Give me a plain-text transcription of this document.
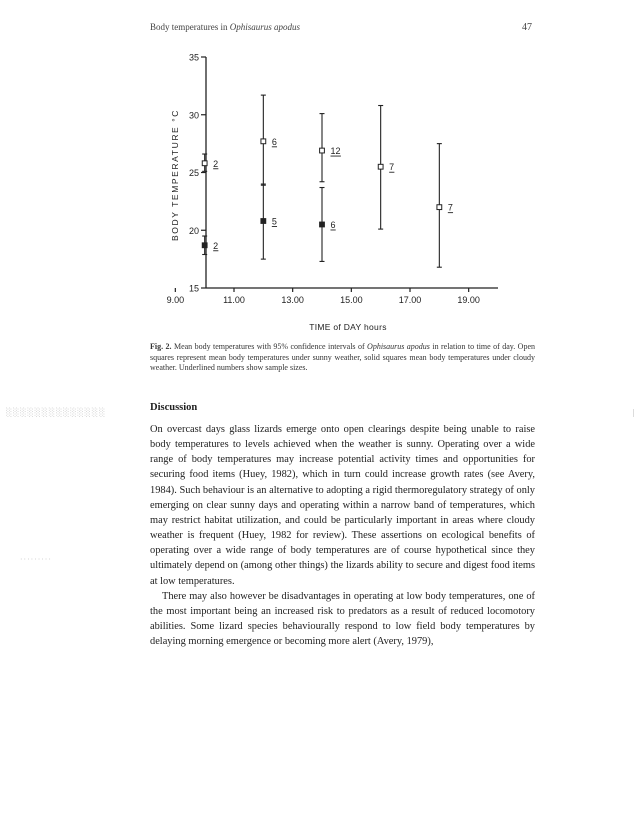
Body temperatures in Ophisaurus apodus	47
15
20
25
30
35
9.00	11.00	13.00	15.00	17.00	19.00
2
6
12
7
7
2
5	6
BODY TEMPERATURE °C
TIME of DAY hours
Fig. 2. Mean body temperatures with 95% confidence intervals of Ophisaurus apodus in relation to time of day. Open squares represent mean body temperatures under sunny weather, solid squares mean body temperatures under cloudy weather. Underlined numbers show sample sizes.
Discussion

On overcast days glass lizards emerge onto open clearings despite being unable to raise body temperatures to levels achieved when the weather is sunny. Operating over a wide range of body temperatures may increase potential activity times and opportunities for securing food items (Huey, 1982), which in turn could increase growth rates (see Avery, 1984). Such behaviour is an alternative to adopting a rigid thermoregulatory strategy of only emerging on clear sunny days and operating within a narrow band of temperatures, which may restrict habitat utilization, and could be particularly important in areas where cloudy weather is frequent (Huey, 1982 for review). These assertions on ecological benefits of operating over a wide range of body temperatures are of course hypothetical since they ultimately depend on (among other things) the lizards ability to secure and digest food items at low temperatures.

There may also however be disadvantages in operating at low body temperatures, one of the most important being an increased risk to predators as a result of reduced locomotory abilities. Some lizard species behaviourally respond to low field body temperatures by delaying morning emergence or becoming more alert (Avery, 1979),

░░░░░░░░░░░░░░
·········
|
